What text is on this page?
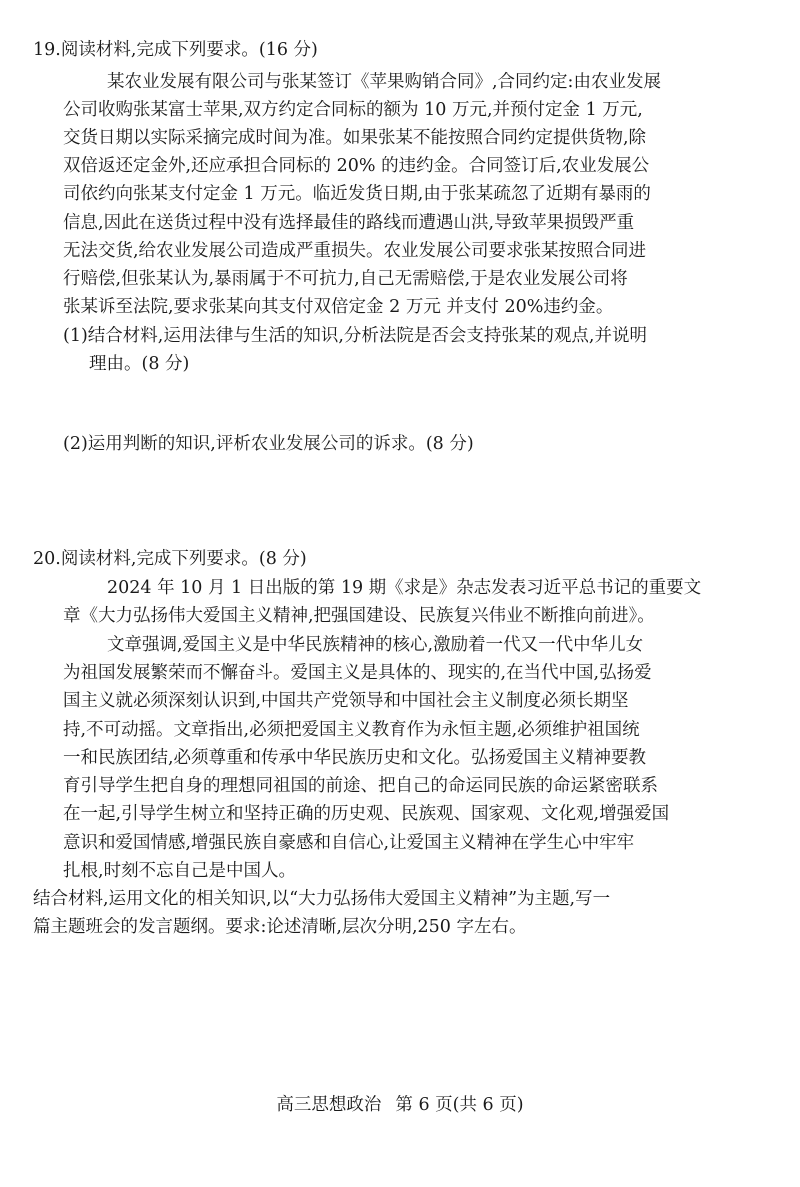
19.阅读材料,完成下列要求。(16 分)
某农业发展有限公司与张某签订《苹果购销合同》,合同约定:由农业发展
公司收购张某富士苹果,双方约定合同标的额为 10 万元,并预付定金 1 万元,
交货日期以实际采摘完成时间为准。如果张某不能按照合同约定提供货物,除
双倍返还定金外,还应承担合同标的 20% 的违约金。合同签订后,农业发展公
司依约向张某支付定金 1 万元。临近发货日期,由于张某疏忽了近期有暴雨的
信息,因此在送货过程中没有选择最佳的路线而遭遇山洪,导致苹果损毁严重
无法交货,给农业发展公司造成严重损失。农业发展公司要求张某按照合同进
行赔偿,但张某认为,暴雨属于不可抗力,自己无需赔偿,于是农业发展公司将
张某诉至法院,要求张某向其支付双倍定金 2 万元 并支付 20%违约金。
(1)结合材料,运用法律与生活的知识,分析法院是否会支持张某的观点,并说明
理由。(8 分)
(2)运用判断的知识,评析农业发展公司的诉求。(8 分)
20.阅读材料,完成下列要求。(8 分)
2024 年 10 月 1 日出版的第 19 期《求是》杂志发表习近平总书记的重要文
章《大力弘扬伟大爱国主义精神,把强国建设、民族复兴伟业不断推向前进》。
文章强调,爱国主义是中华民族精神的核心,激励着一代又一代中华儿女
为祖国发展繁荣而不懈奋斗。爱国主义是具体的、现实的,在当代中国,弘扬爱
国主义就必须深刻认识到,中国共产党领导和中国社会主义制度必须长期坚
持,不可动摇。文章指出,必须把爱国主义教育作为永恒主题,必须维护祖国统
一和民族团结,必须尊重和传承中华民族历史和文化。弘扬爱国主义精神要教
育引导学生把自身的理想同祖国的前途、把自己的命运同民族的命运紧密联系
在一起,引导学生树立和坚持正确的历史观、民族观、国家观、文化观,增强爱国
意识和爱国情感,增强民族自豪感和自信心,让爱国主义精神在学生心中牢牢
扎根,时刻不忘自己是中国人。
结合材料,运用文化的相关知识,以“大力弘扬伟大爱国主义精神”为主题,写一
篇主题班会的发言题纲。要求:论述清晰,层次分明,250 字左右。
高三思想政治 第 6 页(共 6 页)
